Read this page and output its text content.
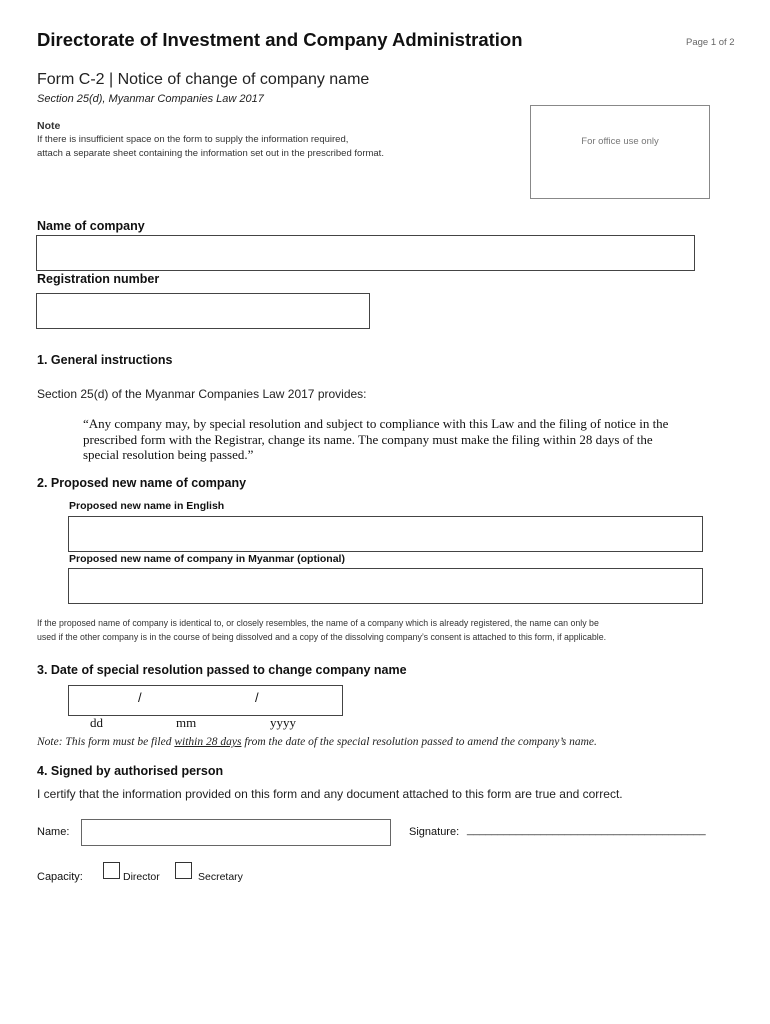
Directorate of Investment and Company Administration	Page 1 of 2
Form C-2 | Notice of change of company name
Section 25(d), Myanmar Companies Law 2017
Note
If there is insufficient space on the form to supply the information required,
attach a separate sheet containing the information set out in the prescribed format.
For office use only
Name of company
Registration number
1. General instructions
Section 25(d) of the Myanmar Companies Law 2017 provides:
“Any company may, by special resolution and subject to compliance with this Law and the filing of notice in the
prescribed form with the Registrar, change its name. The company must make the filing within 28 days of the
special resolution being passed.”
2. Proposed new name of company
Proposed new name in English
Proposed new name of company in Myanmar (optional)
If the proposed name of company is identical to, or closely resembles, the name of a company which is already registered, the name can only be
used if the other company is in the course of being dissolved and a copy of the dissolving company’s consent is attached to this form, if applicable.
3. Date of special resolution passed to change company name
/	/
dd	mm	yyyy
Note: This form must be filed within 28 days from the date of the special resolution passed to amend the company’s name.
4. Signed by authorised person
I certify that the information provided on this form and any document attached to this form are true and correct.
Name:	Signature: _______________________________________
Capacity:	Director	Secretary
